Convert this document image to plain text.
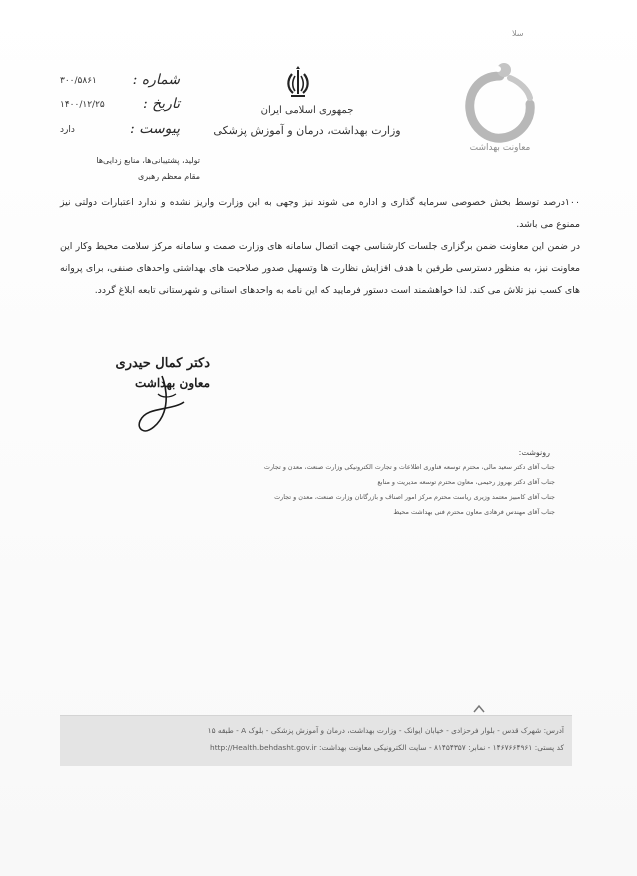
سلا
معاونت بهداشت
جمهوری اسلامی ایران
وزارت بهداشت، درمان و آموزش پزشکی
شماره :
۳۰۰/۵۸۶۱
تاریخ :
۱۴۰۰/۱۲/۲۵
پیوست :
دارد
تولید، پشتیبانی‌ها، منابع زدایی‌ها
مقام معظم رهبری

۱۰۰درصد توسط بخش خصوصی سرمایه گذاری و اداره می شوند نیز وجهی به این وزارت واریز نشده و ندارد اعتبارات دولتی نیز ممنوع می باشد.

در ضمن این معاونت ضمن برگزاری جلسات کارشناسی جهت اتصال سامانه های وزارت صمت و سامانه مرکز سلامت محیط وکار این معاونت نیز، به منظور دسترسی طرفین با هدف افزایش نظارت ها وتسهیل صدور صلاحیت های بهداشتی واحدهای صنفی، برای پروانه های کسب نیز تلاش می کند. لذا خواهشمند است دستور فرمایید که این نامه به واحدهای استانی و شهرستانی تابعه ابلاغ گردد.

دکتر کمال حیدری
معاون بهداشت
رونوشت:
جناب آقای دکتر سعید مالی، محترم توسعه فناوری اطلاعات و تجارت الکترونیکی وزارت صنعت، معدن و تجارت
جناب آقای دکتر بهروز رحیمی، معاون محترم توسعه مدیریت و منابع
جناب آقای کامبیز معتمد وزیری ریاست محترم مرکز امور اصناف و بازرگانان وزارت صنعت، معدن و تجارت
جناب آقای مهندس فرهادی معاون محترم فنی بهداشت محیط
آدرس: شهرک قدس - بلوار فرحزادی - خیابان ایوانک - وزارت بهداشت، درمان و آموزش پزشکی - بلوک A - طبقه ۱۵
کد پستی: ۱۴۶۷۶۶۴۹۶۱ - نمابر: ۸۱۴۵۴۳۵۷ - سایت الکترونیکی معاونت بهداشت: http://Health.behdasht.gov.ir
